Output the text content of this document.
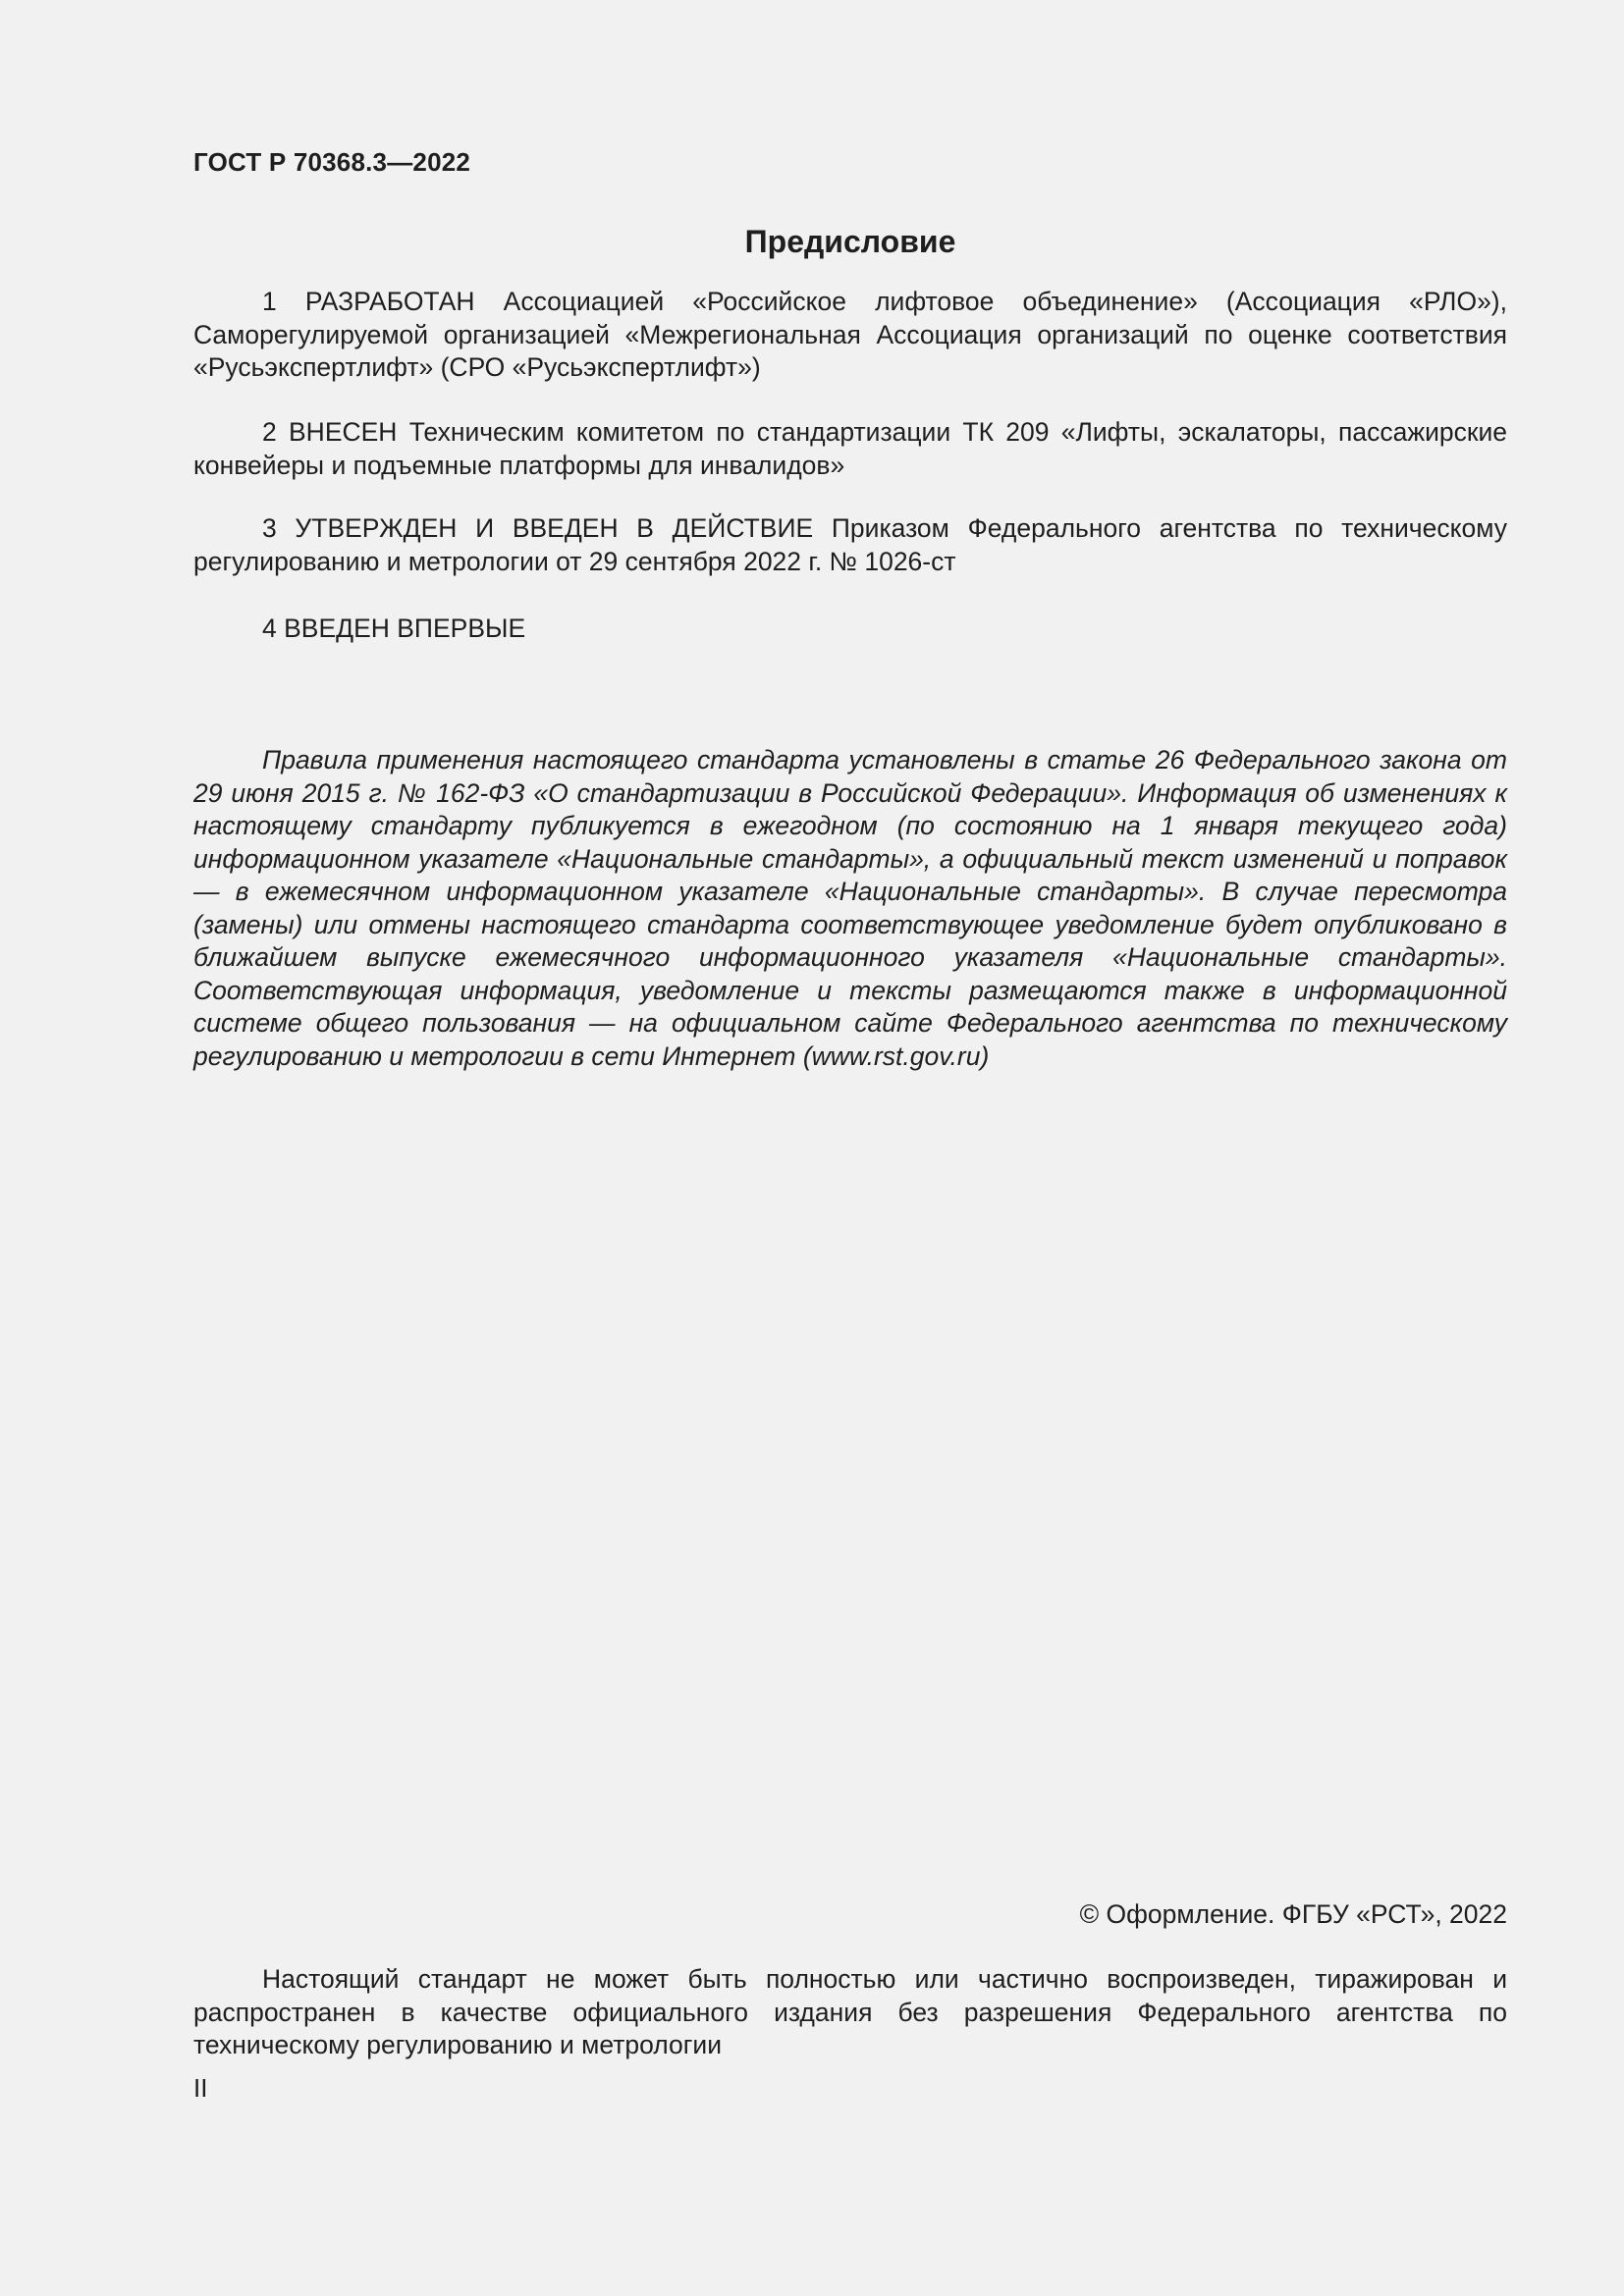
ГОСТ Р 70368.3—2022
Предисловие

1 РАЗРАБОТАН Ассоциацией «Российское лифтовое объединение» (Ассоциация «РЛО»), Саморегулируемой организацией «Межрегиональная Ассоциация организаций по оценке соответствия «Русьэкспертлифт» (СРО «Русьэкспертлифт»)

2 ВНЕСЕН Техническим комитетом по стандартизации ТК 209 «Лифты, эскалаторы, пассажирские конвейеры и подъемные платформы для инвалидов»

3 УТВЕРЖДЕН И ВВЕДЕН В ДЕЙСТВИЕ Приказом Федерального агентства по техническому регулированию и метрологии от 29 сентября 2022 г. № 1026-ст

4 ВВЕДЕН ВПЕРВЫЕ

Правила применения настоящего стандарта установлены в статье 26 Федерального закона от 29 июня 2015 г. № 162-ФЗ «О стандартизации в Российской Федерации». Информация об изменениях к настоящему стандарту публикуется в ежегодном (по состоянию на 1 января текущего года) информационном указателе «Национальные стандарты», а официальный текст изменений и поправок — в ежемесячном информационном указателе «Национальные стандарты». В случае пересмотра (замены) или отмены настоящего стандарта соответствующее уведомление будет опубликовано в ближайшем выпуске ежемесячного информационного указателя «Национальные стандарты». Соответствующая информация, уведомление и тексты размещаются также в информационной системе общего пользования — на официальном сайте Федерального агентства по техническому регулированию и метрологии в сети Интернет (www.rst.gov.ru)

© Оформление. ФГБУ «РСТ», 2022

Настоящий стандарт не может быть полностью или частично воспроизведен, тиражирован и распространен в качестве официального издания без разрешения Федерального агентства по техническому регулированию и метрологии

II
